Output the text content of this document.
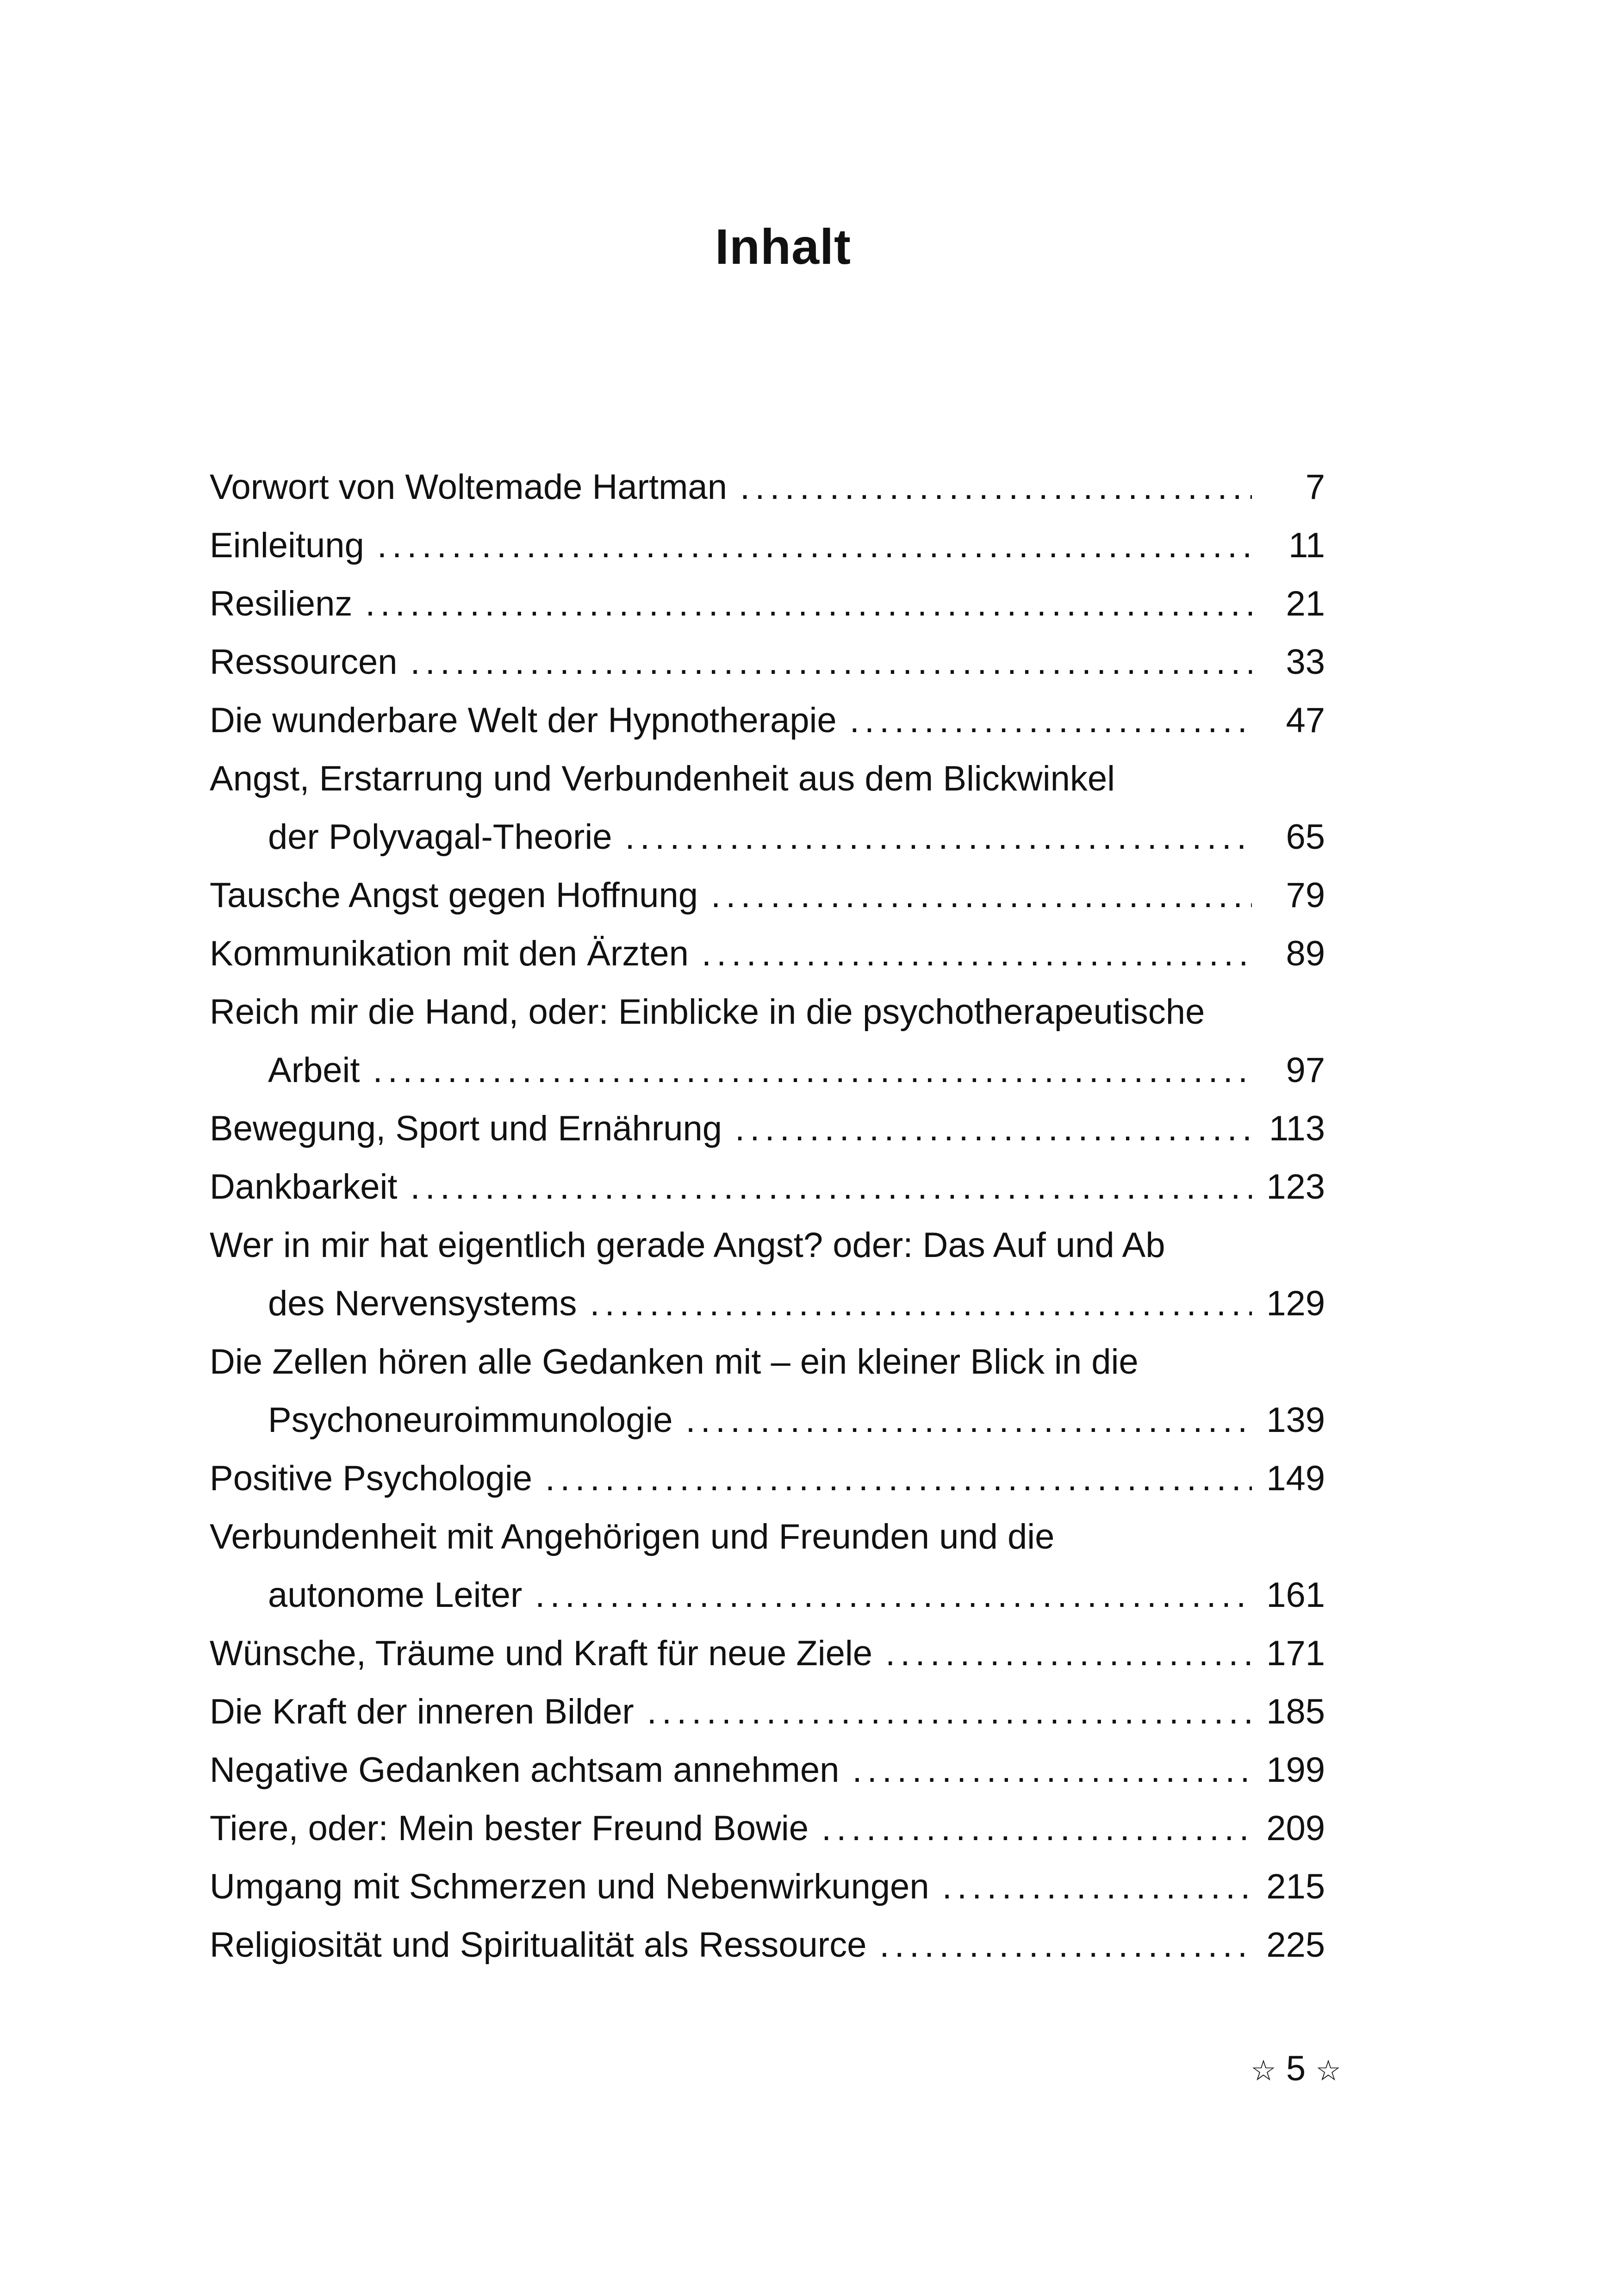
Inhalt
Vorwort von Woltemade Hartman . . .	7
Einleitung . . .	11
Resilienz . . .	21
Ressourcen . . .	33
Die wunderbare Welt der Hypnotherapie . . .	47
Angst, Erstarrung und Verbundenheit aus dem Blickwinkel
der Polyvagal-Theorie . . .	65
Tausche Angst gegen Hoffnung . . .	79
Kommunikation mit den Ärzten . . .	89
Reich mir die Hand, oder: Einblicke in die psychotherapeutische
Arbeit . . .	97
Bewegung, Sport und Ernährung . . .	113
Dankbarkeit . . .	123
Wer in mir hat eigentlich gerade Angst? oder: Das Auf und Ab
des Nervensystems . . .	129
Die Zellen hören alle Gedanken mit – ein kleiner Blick in die
Psychoneuroimmunologie . . .	139
Positive Psychologie . . .	149
Verbundenheit mit Angehörigen und Freunden und die
autonome Leiter . . .	161
Wünsche, Träume und Kraft für neue Ziele . . .	171
Die Kraft der inneren Bilder . . .	185
Negative Gedanken achtsam annehmen . . .	199
Tiere, oder: Mein bester Freund Bowie . . .	209
Umgang mit Schmerzen und Nebenwirkungen . . .	215
Religiosität und Spiritualität als Ressource . . .	225
☆ 5 ☆
